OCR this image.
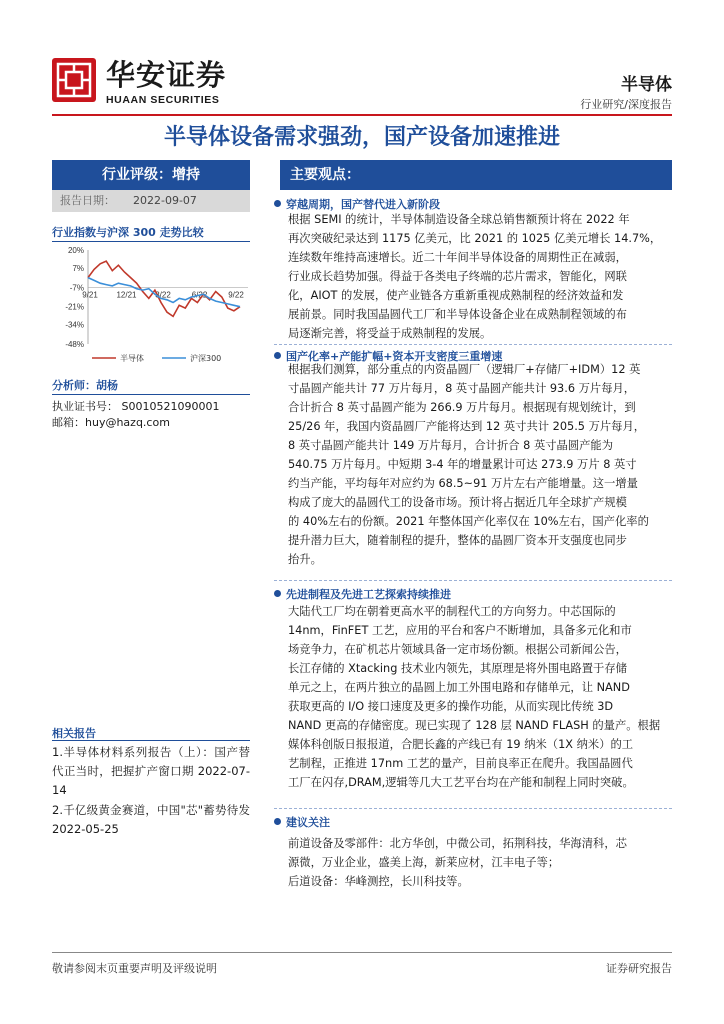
华安证券
HUAAN SECURITIES
半导体
行业研究/深度报告
半导体设备需求强劲，国产设备加速推进
行业评级：增持
报告日期： 2022-09-07
行业指数与沪深 300 走势比较
20%
7%
-7%
-21%
-34%
-48%
9/21 12/21 3/22	6/22	9/22
半导体	沪深300
分析师：胡杨
执业证书号： S0010521090001
邮箱：huy@hazq.com
相关报告
1.半导体材料系列报告（上）：国产替代正当时，把握扩产窗口期 2022-07-14
2.千亿级黄金赛道，中国"芯"蓄势待发 2022-05-25
主要观点：
穿越周期，国产替代进入新阶段
根据 SEMI 的统计，半导体制造设备全球总销售额预计将在 2022 年
再次突破纪录达到 1175 亿美元，比 2021 的 1025 亿美元增长 14.7%，
连续数年维持高速增长。近二十年间半导体设备的周期性正在减弱，
行业成长趋势加强。得益于各类电子终端的芯片需求，智能化，网联
化，AIOT 的发展，使产业链各方重新重视成熟制程的经济效益和发
展前景。同时我国晶圆代工厂和半导体设备企业在成熟制程领域的布
局逐渐完善，将受益于成熟制程的发展。
国产化率+产能扩幅+资本开支密度三重增速
根据我们测算，部分重点的内资晶圆厂（逻辑厂+存储厂+IDM）12 英
寸晶圆产能共计 77 万片每月，8 英寸晶圆产能共计 93.6 万片每月，
合计折合 8 英寸晶圆产能为 266.9 万片每月。根据现有规划统计，到
25/26 年，我国内资晶圆厂产能将达到 12 英寸共计 205.5 万片每月，
8 英寸晶圆产能共计 149 万片每月，合计折合 8 英寸晶圆产能为
540.75 万片每月。中短期 3-4 年的增量累计可达 273.9 万片 8 英寸
约当产能，平均每年对应约为 68.5~91 万片左右产能增量。这一增量
构成了庞大的晶圆代工的设备市场。预计将占据近几年全球扩产规模
的 40%左右的份额。2021 年整体国产化率仅在 10%左右，国产化率的
提升潜力巨大，随着制程的提升，整体的晶圆厂资本开支强度也同步
抬升。
先进制程及先进工艺探索持续推进
大陆代工厂均在朝着更高水平的制程代工的方向努力。中芯国际的
14nm，FinFET 工艺，应用的平台和客户不断增加，具备多元化和市
场竞争力，在矿机芯片领域具备一定市场份额。根据公司新闻公告，
长江存储的 Xtacking 技术业内领先，其原理是将外围电路置于存储
单元之上，在两片独立的晶圆上加工外围电路和存储单元，让 NAND
获取更高的 I/O 接口速度及更多的操作功能，从而实现比传统 3D
NAND 更高的存储密度。现已实现了 128 层 NAND FLASH 的量产。根据
媒体科创版日报报道，合肥长鑫的产线已有 19 纳米（1X 纳米）的工
艺制程，正推进 17nm 工艺的量产，目前良率正在爬升。我国晶圆代
工厂在闪存,DRAM,逻辑等几大工艺平台均在产能和制程上同时突破。
建议关注
前道设备及零部件：北方华创，中微公司，拓荆科技，华海清科，芯
源微，万业企业，盛美上海，新莱应材，江丰电子等；
后道设备：华峰测控，长川科技等。
敬请参阅末页重要声明及评级说明	证券研究报告
